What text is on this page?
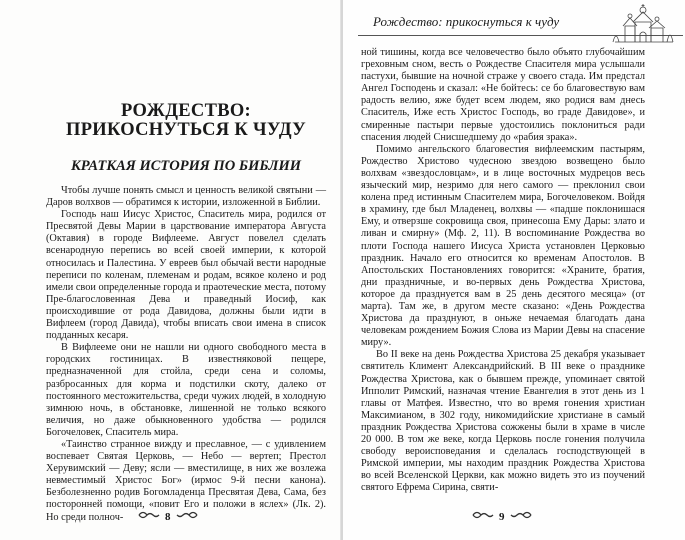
РОЖДЕСТВО:
ПРИКОСНУТЬСЯ К ЧУДУ
КРАТКАЯ ИСТОРИЯ ПО БИБЛИИ

Чтобы лучше понять смысл и ценность великой святыни — Даров волхвов — обратимся к истории, изложенной в Библии.

Господь наш Иисус Христос, Спаситель мира, родился от Пресвятой Девы Марии в царствование императора Августа (Октавия) в городе Вифлееме. Август повелел сделать всенародную перепись во всей своей империи, к которой относилась и Палестина. У евреев был обычай вести народные переписи по коленам, племенам и родам, всякое колено и род имели свои определенные города и праотеческие места, потому Пре-благословенная Дева и праведный Иосиф, как происходившие от рода Давидова, должны были идти в Вифлеем (город Давида), чтобы вписать свои имена в список подданных кесаря.

В Вифлееме они не нашли ни одного свободного места в городских гостиницах. В известняковой пещере, предназначенной для стойла, среди сена и соломы, разбросанных для корма и подстилки скоту, далеко от постоянного местожительства, среди чужих людей, в холодную зимнюю ночь, в обстановке, лишенной не только всякого величия, но даже обыкновенного удобства — родился Богочеловек, Спаситель мира.

«Таинство странное вижду и преславное, — с удивлением воспевает Святая Церковь, — Небо — вертеп; Престол Херувимский — Деву; ясли — вместилище, в них же возлежа невместимый Христос Бог» (ирмос 9-й песни канона). Безболезненно родив Богомладенца Пресвятая Дева, Сама, без посторонней помощи, «повит Его и положи в яслех» (Лк. 2). Но среди полноч-	8
Рождество: прикоснуться к чуду

ной тишины, когда все человечество было объято глубочайшим греховным сном, весть о Рождестве Спасителя мира услышали пастухи, бывшие на ночной страже у своего стада. Им предстал Ангел Господень и сказал: «Не бойтесь: се бо благовествую вам радость велию, яже будет всем людем, яко родися вам днесь Спаситель, Иже есть Христос Господь, во граде Давидове», и смиренные пастыри первые удостоились поклониться ради спасения людей Снисшедшему до «рабия зрака».

Помимо ангельского благовестия вифлеемским пастырям, Рождество Христово чудесною звездою возвещено было волхвам «звездословцам», и в лице восточных мудрецов весь языческий мир, незримо для него самого — преклонил свои колена пред истинным Спасителем мира, Богочеловеком. Войдя в храмину, где был Младенец, волхвы — «падше поклонишася Ему, и отверзше сокровища своя, принесоша Ему Дары: злато и ливан и смирну» (Мф. 2, 11). В воспоминание Рождества во плоти Господа нашего Иисуса Христа установлен Церковью праздник. Начало его относится ко временам Апостолов. В Апостольских Постановлениях говорится: «Храните, братия, дни праздничные, и во-первых день Рождества Христова, которое да празднуется вам в 25 день десятого месяца» (от марта). Там же, в другом месте сказано: «День Рождества Христова да празднуют, в оньже нечаемая благодать дана человекам рождением Божия Слова из Марии Девы на спасение миру».

Во II веке на день Рождества Христова 25 декабря указывает святитель Климент Александрийский. В III веке о празднике Рождества Христова, как о бывшем прежде, упоминает святой Ипполит Римский, назначая чтение Евангелия в этот день из 1 главы от Матфея. Известно, что во время гонения христиан Максимианом, в 302 году, никомидийские христиане в самый праздник Рождества Христова сожжены были в храме в числе 20 000. В том же веке, когда Церковь после гонения получила свободу вероисповедания и сделалась господствующей в Римской империи, мы находим праздник Рождества Христова во всей Вселенской Церкви, как можно видеть это из поучений святого Ефрема Сирина, святи-

9
